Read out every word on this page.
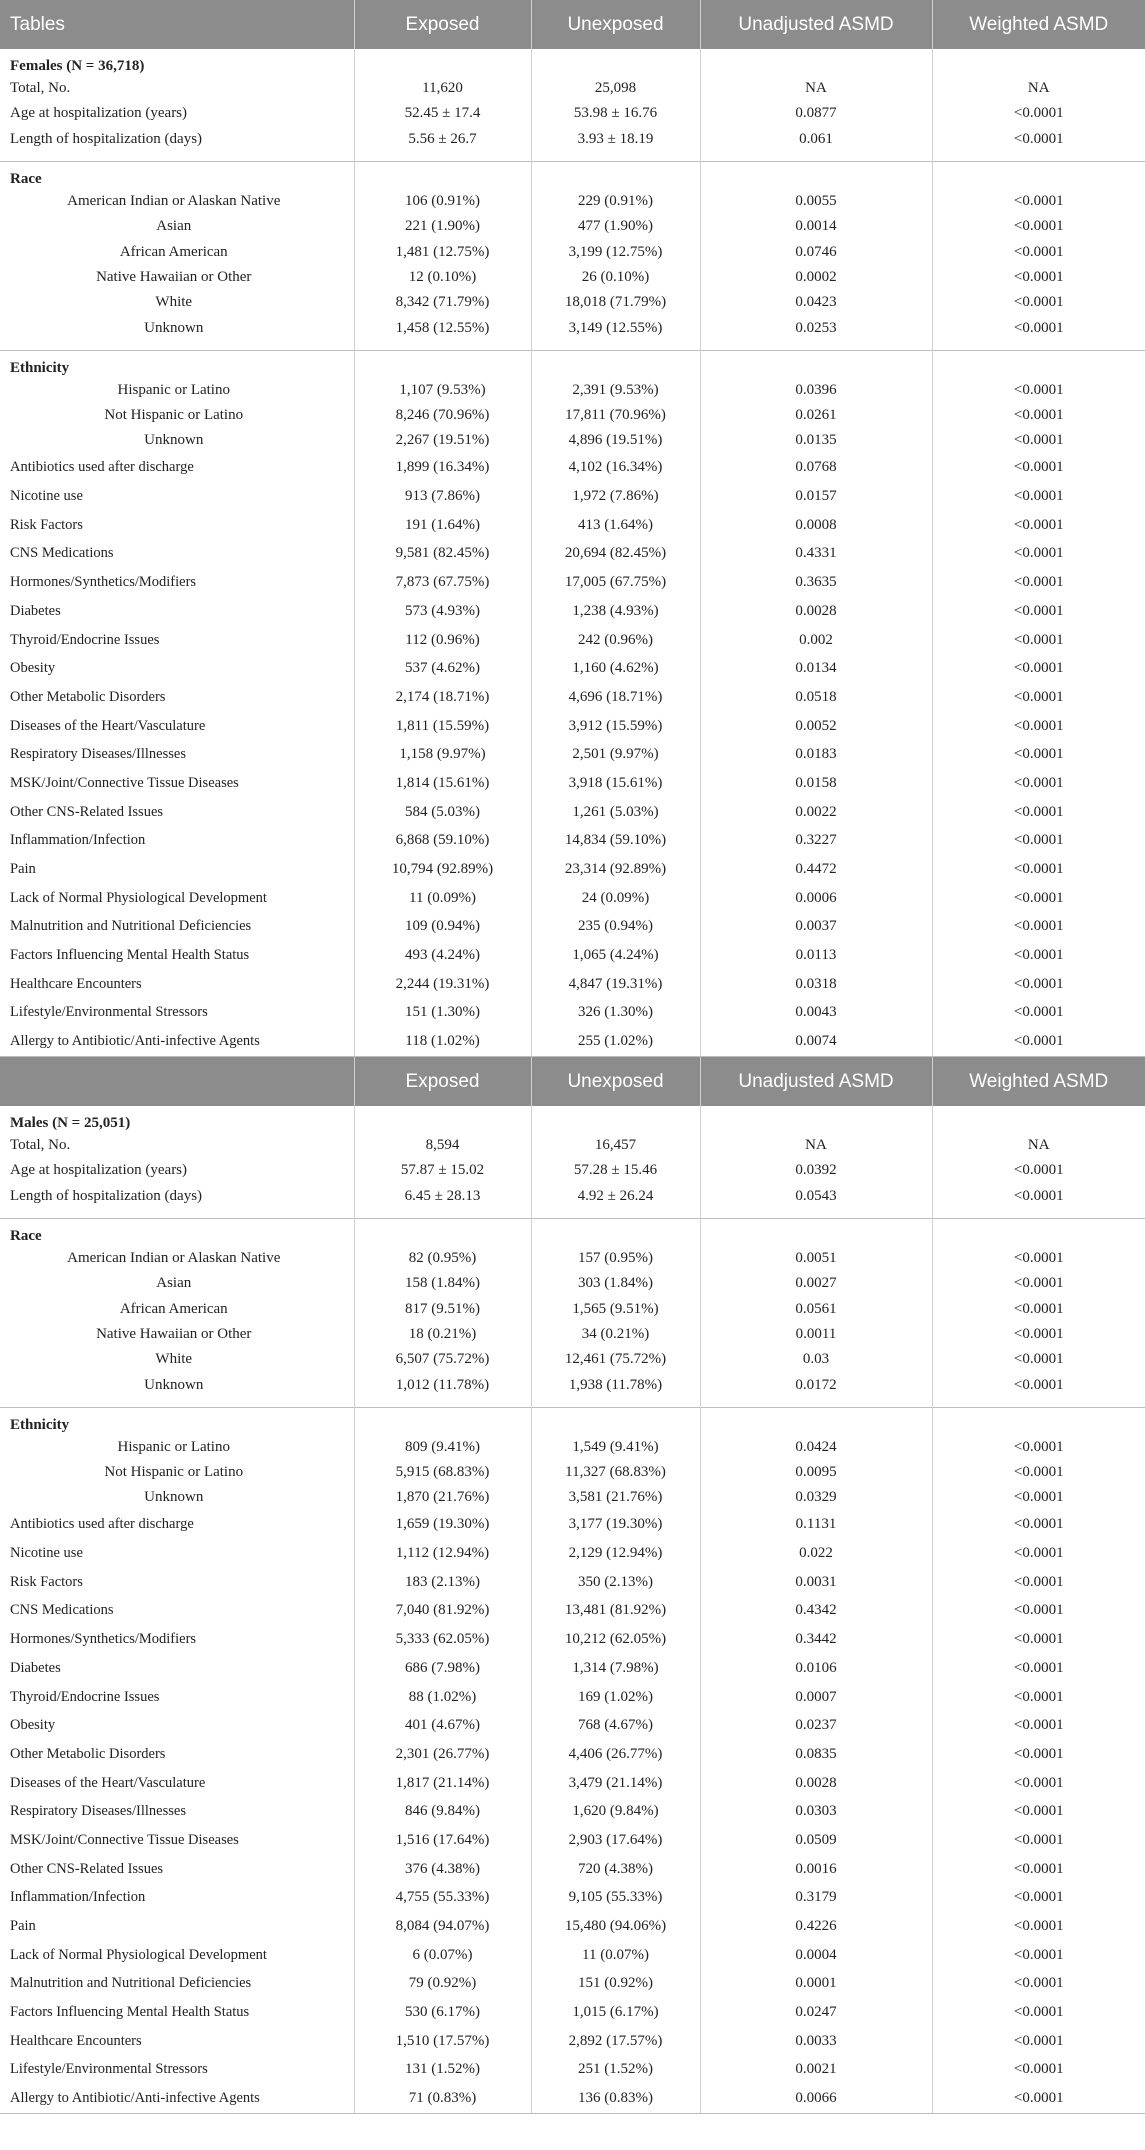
Tables	Exposed	Unexposed	Unadjusted ASMD	Weighted ASMD
Females (N = 36,718)				
Total, No.	11,620	25,098	NA	NA
Age at hospitalization (years)	52.45 ± 17.4	53.98 ± 16.76	0.0877	<0.0001
Length of hospitalization (days)	5.56 ± 26.7	3.93 ± 18.19	0.061	<0.0001

Race				
American Indian or Alaskan Native	106 (0.91%)	229 (0.91%)	0.0055	<0.0001
Asian	221 (1.90%)	477 (1.90%)	0.0014	<0.0001
African American	1,481 (12.75%)	3,199 (12.75%)	0.0746	<0.0001
Native Hawaiian or Other	12 (0.10%)	26 (0.10%)	0.0002	<0.0001
White	8,342 (71.79%)	18,018 (71.79%)	0.0423	<0.0001
Unknown	1,458 (12.55%)	3,149 (12.55%)	0.0253	<0.0001

Ethnicity				
Hispanic or Latino	1,107 (9.53%)	2,391 (9.53%)	0.0396	<0.0001
Not Hispanic or Latino	8,246 (70.96%)	17,811 (70.96%)	0.0261	<0.0001
Unknown	2,267 (19.51%)	4,896 (19.51%)	0.0135	<0.0001
Antibiotics used after discharge	1,899 (16.34%)	4,102 (16.34%)	0.0768	<0.0001
Nicotine use	913 (7.86%)	1,972 (7.86%)	0.0157	<0.0001
Risk Factors	191 (1.64%)	413 (1.64%)	0.0008	<0.0001
CNS Medications	9,581 (82.45%)	20,694 (82.45%)	0.4331	<0.0001
Hormones/Synthetics/Modifiers	7,873 (67.75%)	17,005 (67.75%)	0.3635	<0.0001
Diabetes	573 (4.93%)	1,238 (4.93%)	0.0028	<0.0001
Thyroid/Endocrine Issues	112 (0.96%)	242 (0.96%)	0.002	<0.0001
Obesity	537 (4.62%)	1,160 (4.62%)	0.0134	<0.0001
Other Metabolic Disorders	2,174 (18.71%)	4,696 (18.71%)	0.0518	<0.0001
Diseases of the Heart/Vasculature	1,811 (15.59%)	3,912 (15.59%)	0.0052	<0.0001
Respiratory Diseases/Illnesses	1,158 (9.97%)	2,501 (9.97%)	0.0183	<0.0001
MSK/Joint/Connective Tissue Diseases	1,814 (15.61%)	3,918 (15.61%)	0.0158	<0.0001
Other CNS-Related Issues	584 (5.03%)	1,261 (5.03%)	0.0022	<0.0001
Inflammation/Infection	6,868 (59.10%)	14,834 (59.10%)	0.3227	<0.0001
Pain	10,794 (92.89%)	23,314 (92.89%)	0.4472	<0.0001
Lack of Normal Physiological Development	11 (0.09%)	24 (0.09%)	0.0006	<0.0001
Malnutrition and Nutritional Deficiencies	109 (0.94%)	235 (0.94%)	0.0037	<0.0001
Factors Influencing Mental Health Status	493 (4.24%)	1,065 (4.24%)	0.0113	<0.0001
Healthcare Encounters	2,244 (19.31%)	4,847 (19.31%)	0.0318	<0.0001
Lifestyle/Environmental Stressors	151 (1.30%)	326 (1.30%)	0.0043	<0.0001
Allergy to Antibiotic/Anti-infective Agents	118 (1.02%)	255 (1.02%)	0.0074	<0.0001
	Exposed	Unexposed	Unadjusted ASMD	Weighted ASMD
Males (N = 25,051)				
Total, No.	8,594	16,457	NA	NA
Age at hospitalization (years)	57.87 ± 15.02	57.28 ± 15.46	0.0392	<0.0001
Length of hospitalization (days)	6.45 ± 28.13	4.92 ± 26.24	0.0543	<0.0001

Race				
American Indian or Alaskan Native	82 (0.95%)	157 (0.95%)	0.0051	<0.0001
Asian	158 (1.84%)	303 (1.84%)	0.0027	<0.0001
African American	817 (9.51%)	1,565 (9.51%)	0.0561	<0.0001
Native Hawaiian or Other	18 (0.21%)	34 (0.21%)	0.0011	<0.0001
White	6,507 (75.72%)	12,461 (75.72%)	0.03	<0.0001
Unknown	1,012 (11.78%)	1,938 (11.78%)	0.0172	<0.0001

Ethnicity				
Hispanic or Latino	809 (9.41%)	1,549 (9.41%)	0.0424	<0.0001
Not Hispanic or Latino	5,915 (68.83%)	11,327 (68.83%)	0.0095	<0.0001
Unknown	1,870 (21.76%)	3,581 (21.76%)	0.0329	<0.0001
Antibiotics used after discharge	1,659 (19.30%)	3,177 (19.30%)	0.1131	<0.0001
Nicotine use	1,112 (12.94%)	2,129 (12.94%)	0.022	<0.0001
Risk Factors	183 (2.13%)	350 (2.13%)	0.0031	<0.0001
CNS Medications	7,040 (81.92%)	13,481 (81.92%)	0.4342	<0.0001
Hormones/Synthetics/Modifiers	5,333 (62.05%)	10,212 (62.05%)	0.3442	<0.0001
Diabetes	686 (7.98%)	1,314 (7.98%)	0.0106	<0.0001
Thyroid/Endocrine Issues	88 (1.02%)	169 (1.02%)	0.0007	<0.0001
Obesity	401 (4.67%)	768 (4.67%)	0.0237	<0.0001
Other Metabolic Disorders	2,301 (26.77%)	4,406 (26.77%)	0.0835	<0.0001
Diseases of the Heart/Vasculature	1,817 (21.14%)	3,479 (21.14%)	0.0028	<0.0001
Respiratory Diseases/Illnesses	846 (9.84%)	1,620 (9.84%)	0.0303	<0.0001
MSK/Joint/Connective Tissue Diseases	1,516 (17.64%)	2,903 (17.64%)	0.0509	<0.0001
Other CNS-Related Issues	376 (4.38%)	720 (4.38%)	0.0016	<0.0001
Inflammation/Infection	4,755 (55.33%)	9,105 (55.33%)	0.3179	<0.0001
Pain	8,084 (94.07%)	15,480 (94.06%)	0.4226	<0.0001
Lack of Normal Physiological Development	6 (0.07%)	11 (0.07%)	0.0004	<0.0001
Malnutrition and Nutritional Deficiencies	79 (0.92%)	151 (0.92%)	0.0001	<0.0001
Factors Influencing Mental Health Status	530 (6.17%)	1,015 (6.17%)	0.0247	<0.0001
Healthcare Encounters	1,510 (17.57%)	2,892 (17.57%)	0.0033	<0.0001
Lifestyle/Environmental Stressors	131 (1.52%)	251 (1.52%)	0.0021	<0.0001
Allergy to Antibiotic/Anti-infective Agents	71 (0.83%)	136 (0.83%)	0.0066	<0.0001
